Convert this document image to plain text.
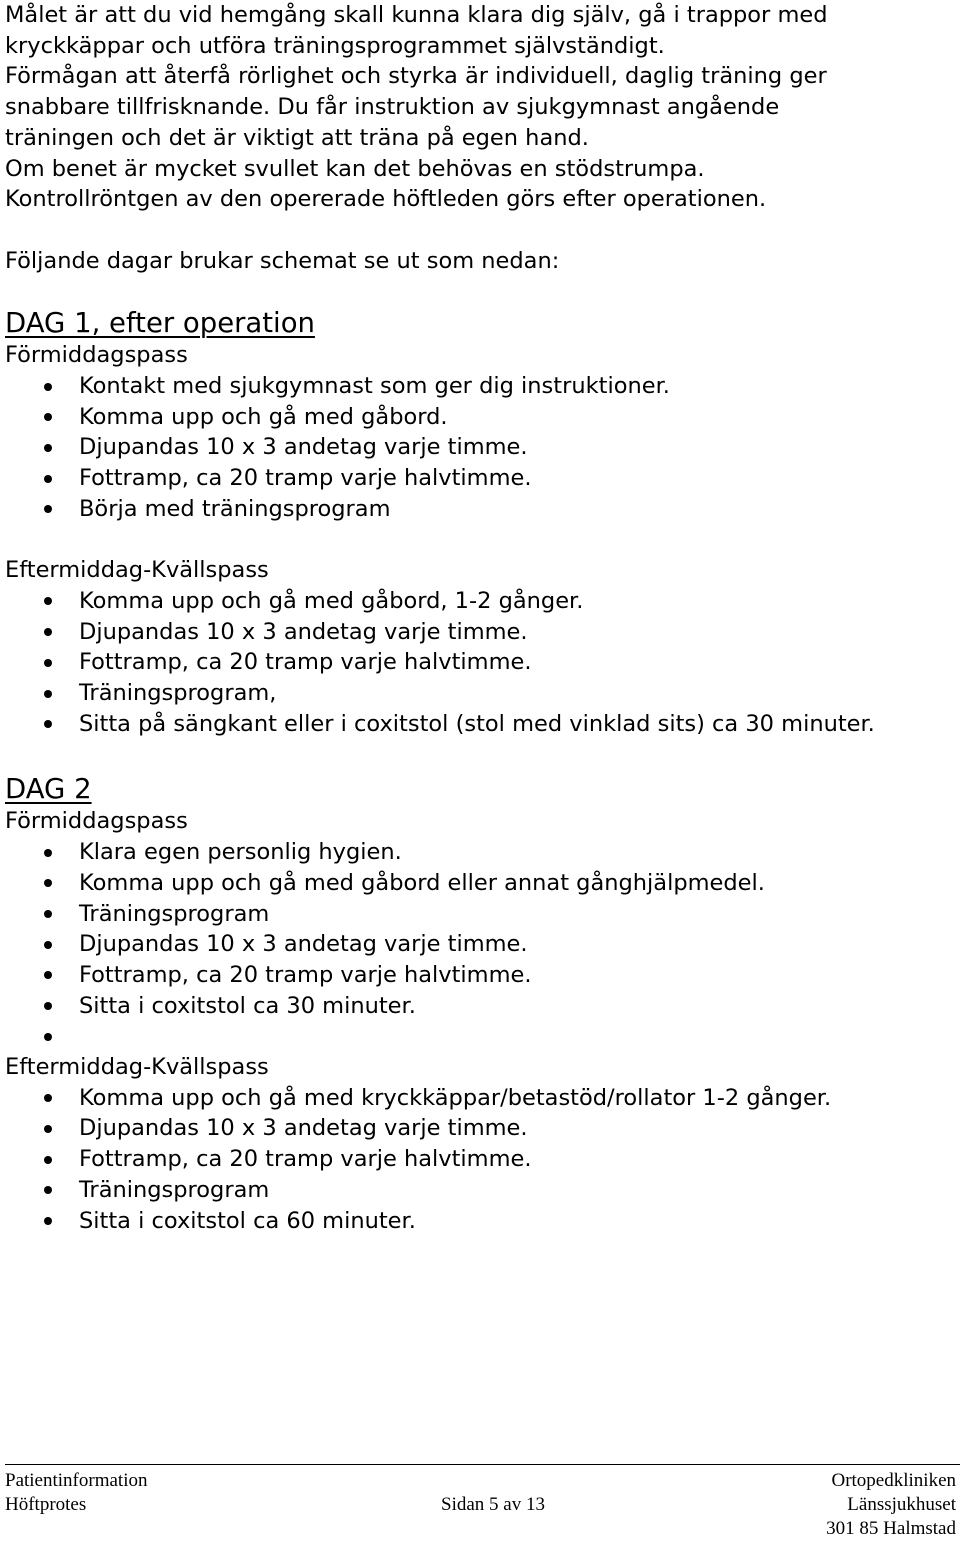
Målet är att du vid hemgång skall kunna klara dig själv, gå i trappor med
kryckkäppar och utföra träningsprogrammet självständigt.
Förmågan att återfå rörlighet och styrka är individuell, daglig träning ger
snabbare tillfrisknande. Du får instruktion av sjukgymnast angående
träningen och det är viktigt att träna på egen hand.
Om benet är mycket svullet kan det behövas en stödstrumpa.
Kontrollröntgen av den opererade höftleden görs efter operationen.
Följande dagar brukar schemat se ut som nedan:
DAG 1, efter operation
Förmiddagspass
Kontakt med sjukgymnast som ger dig instruktioner.
Komma upp och gå med gåbord.
Djupandas 10 x 3 andetag varje timme.
Fottramp, ca 20 tramp varje halvtimme.
Börja med träningsprogram
Eftermiddag-Kvällspass
Komma upp och gå med gåbord, 1-2 gånger.
Djupandas 10 x 3 andetag varje timme.
Fottramp, ca 20 tramp varje halvtimme.
Träningsprogram,
Sitta på sängkant eller i coxitstol (stol med vinklad sits) ca 30 minuter.
DAG 2
Förmiddagspass
Klara egen personlig hygien.
Komma upp och gå med gåbord eller annat gånghjälpmedel.
Träningsprogram
Djupandas 10 x 3 andetag varje timme.
Fottramp, ca 20 tramp varje halvtimme.
Sitta i coxitstol ca 30 minuter.

Eftermiddag-Kvällspass
Komma upp och gå med kryckkäppar/betastöd/rollator 1-2 gånger.
Djupandas 10 x 3 andetag varje timme.
Fottramp, ca 20 tramp varje halvtimme.
Träningsprogram
Sitta i coxitstol ca 60 minuter.
Patientinformation	Ortopedkliniken
Höftprotes	Sidan 5 av 13	Länssjukhuset
301 85 Halmstad
